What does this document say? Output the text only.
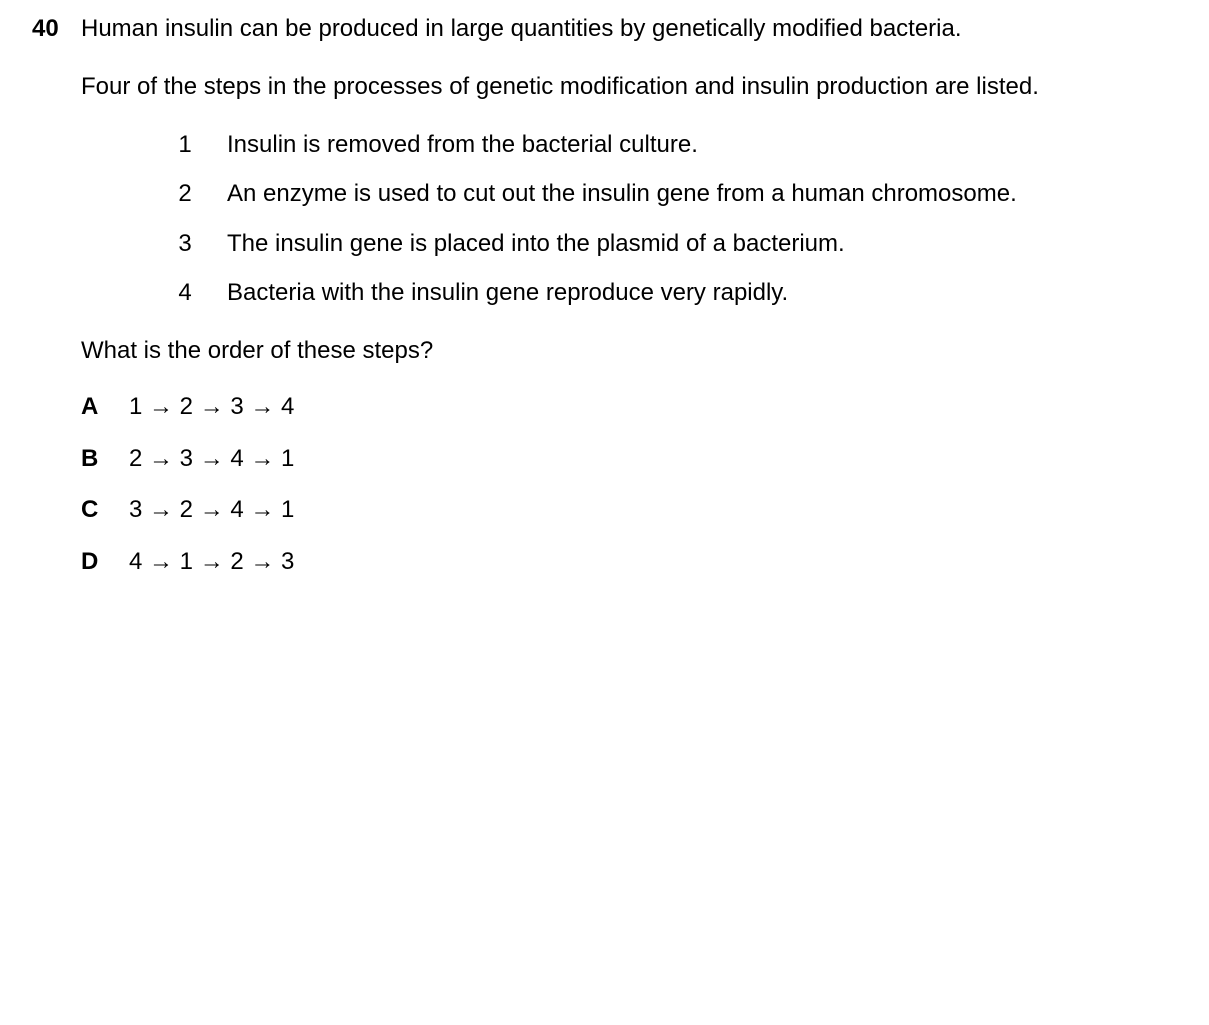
40 Human insulin can be produced in large quantities by genetically modified bacteria.
Four of the steps in the processes of genetic modification and insulin production are listed.
1 Insulin is removed from the bacterial culture.
2 An enzyme is used to cut out the insulin gene from a human chromosome.
3 The insulin gene is placed into the plasmid of a bacterium.
4 Bacteria with the insulin gene reproduce very rapidly.
What is the order of these steps?
A 1 → 2 → 3 → 4
B 2 → 3 → 4 → 1
C 3 → 2 → 4 → 1
D 4 → 1 → 2 → 3
